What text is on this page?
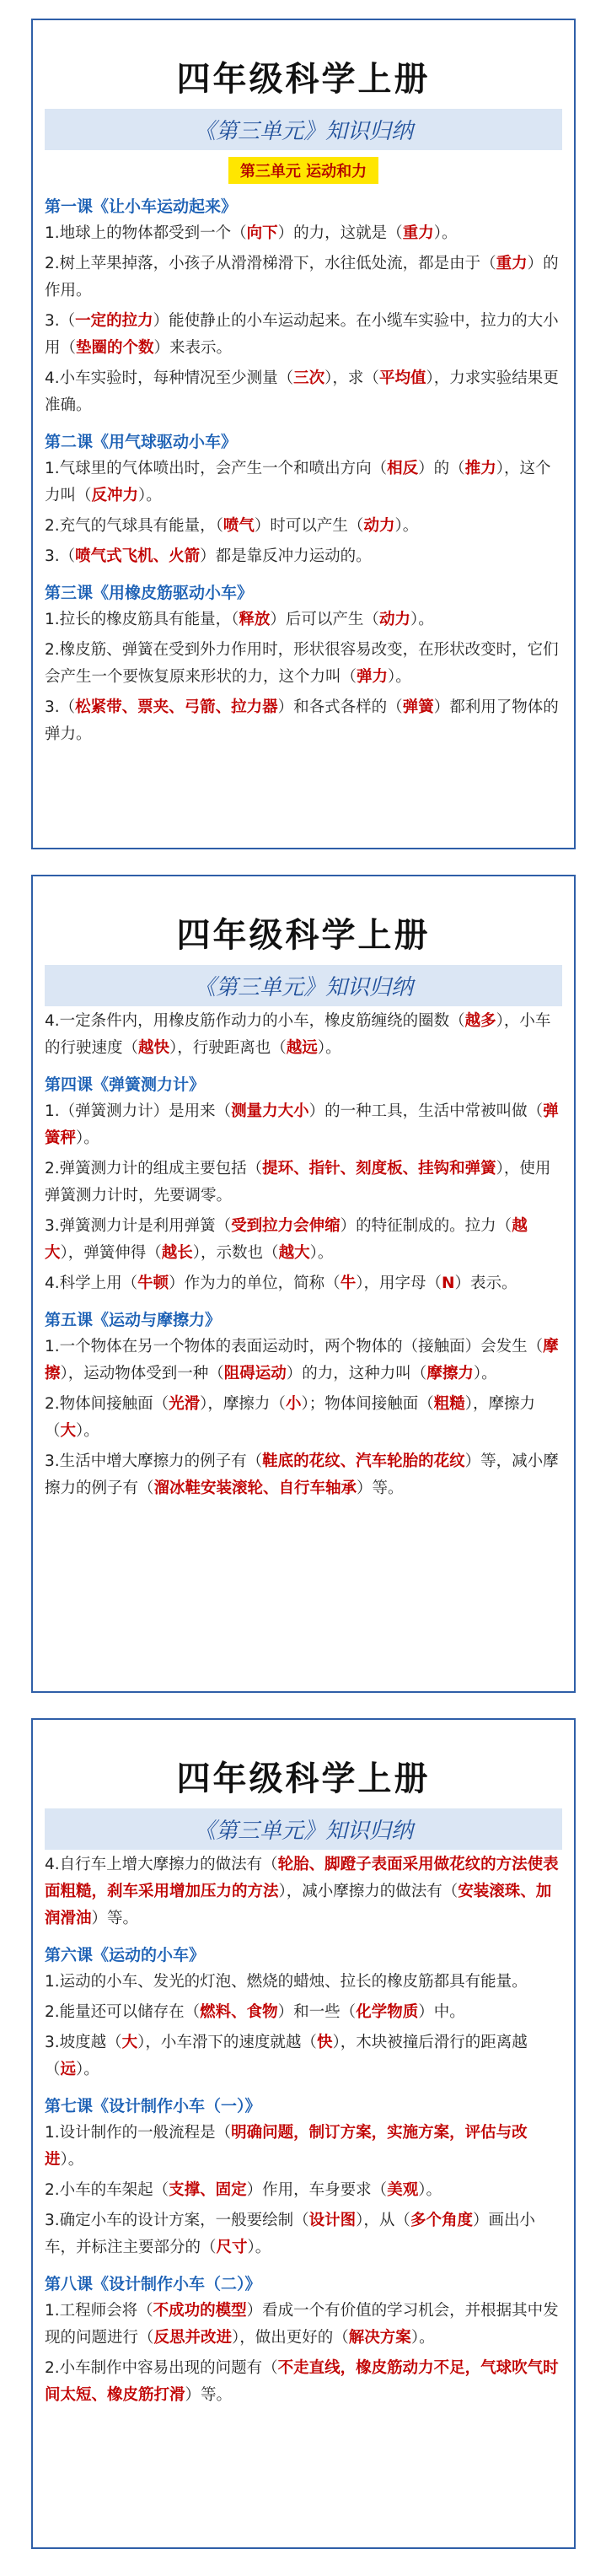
四年级科学上册
《第三单元》知识归纳
第三单元 运动和力
第一课《让小车运动起来》

1.地球上的物体都受到一个（向下）的力，这就是（重力）。

2.树上苹果掉落，小孩子从滑滑梯滑下，水往低处流，都是由于（重力）的作用。

3.（一定的拉力）能使静止的小车运动起来。在小缆车实验中，拉力的大小用（垫圈的个数）来表示。

4.小车实验时，每种情况至少测量（三次），求（平均值），力求实验结果更准确。

第二课《用气球驱动小车》

1.气球里的气体喷出时，会产生一个和喷出方向（相反）的（推力），这个力叫（反冲力）。

2.充气的气球具有能量，（喷气）时可以产生（动力）。

3.（喷气式飞机、火箭）都是靠反冲力运动的。

第三课《用橡皮筋驱动小车》

1.拉长的橡皮筋具有能量，（释放）后可以产生（动力）。

2.橡皮筋、弹簧在受到外力作用时，形状很容易改变，在形状改变时，它们会产生一个要恢复原来形状的力，这个力叫（弹力）。

3.（松紧带、票夹、弓箭、拉力器）和各式各样的（弹簧）都利用了物体的弹力。

四年级科学上册
《第三单元》知识归纳

4.一定条件内，用橡皮筋作动力的小车，橡皮筋缠绕的圈数（越多），小车的行驶速度（越快），行驶距离也（越远）。

第四课《弹簧测力计》

1.（弹簧测力计）是用来（测量力大小）的一种工具，生活中常被叫做（弹簧秤）。

2.弹簧测力计的组成主要包括（提环、指针、刻度板、挂钩和弹簧），使用弹簧测力计时，先要调零。

3.弹簧测力计是利用弹簧（受到拉力会伸缩）的特征制成的。拉力（越大），弹簧伸得（越长），示数也（越大）。

4.科学上用（牛顿）作为力的单位，简称（牛），用字母（N）表示。

第五课《运动与摩擦力》

1.一个物体在另一个物体的表面运动时，两个物体的（接触面）会发生（摩擦），运动物体受到一种（阻碍运动）的力，这种力叫（摩擦力）。

2.物体间接触面（光滑），摩擦力（小）；物体间接触面（粗糙），摩擦力（大）。

3.生活中增大摩擦力的例子有（鞋底的花纹、汽车轮胎的花纹）等，减小摩擦力的例子有（溜冰鞋安装滚轮、自行车轴承）等。

四年级科学上册
《第三单元》知识归纳

4.自行车上增大摩擦力的做法有（轮胎、脚蹬子表面采用做花纹的方法使表面粗糙，刹车采用增加压力的方法），减小摩擦力的做法有（安装滚珠、加润滑油）等。

第六课《运动的小车》

1.运动的小车、发光的灯泡、燃烧的蜡烛、拉长的橡皮筋都具有能量。

2.能量还可以储存在（燃料、食物）和一些（化学物质）中。

3.坡度越（大），小车滑下的速度就越（快），木块被撞后滑行的距离越（远）。

第七课《设计制作小车（一）》

1.设计制作的一般流程是（明确问题，制订方案，实施方案，评估与改进）。

2.小车的车架起（支撑、固定）作用，车身要求（美观）。

3.确定小车的设计方案，一般要绘制（设计图），从（多个角度）画出小车，并标注主要部分的（尺寸）。

第八课《设计制作小车（二）》

1.工程师会将（不成功的模型）看成一个有价值的学习机会，并根据其中发现的问题进行（反思并改进），做出更好的（解决方案）。

2.小车制作中容易出现的问题有（不走直线，橡皮筋动力不足，气球吹气时间太短、橡皮筋打滑）等。
